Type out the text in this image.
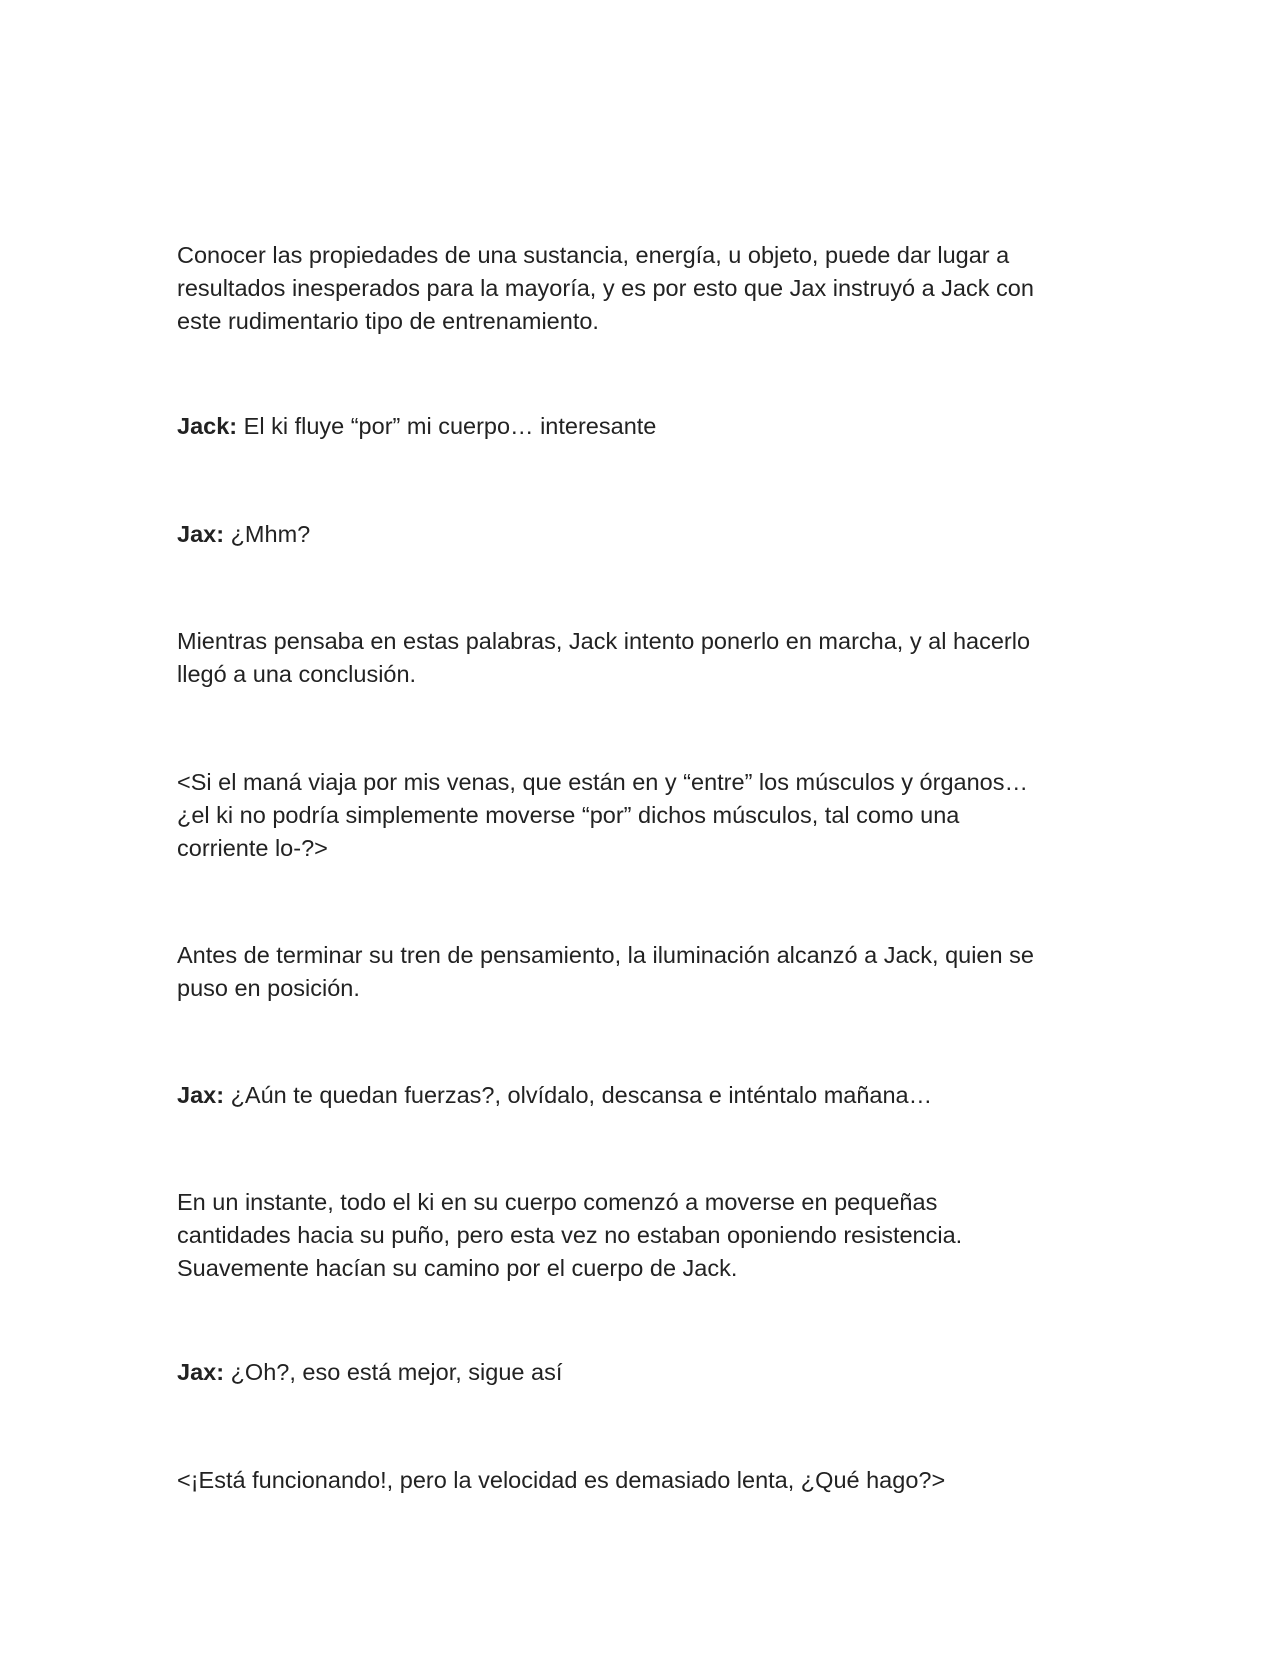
Conocer las propiedades de una sustancia, energía, u objeto, puede dar lugar a
resultados inesperados para la mayoría, y es por esto que Jax instruyó a Jack con
este rudimentario tipo de entrenamiento.

Jack: El ki fluye “por” mi cuerpo… interesante

Jax: ¿Mhm?

Mientras pensaba en estas palabras, Jack intento ponerlo en marcha, y al hacerlo
llegó a una conclusión.

<Si el maná viaja por mis venas, que están en y “entre” los músculos y órganos…
¿el ki no podría simplemente moverse “por” dichos músculos, tal como una
corriente lo-?>

Antes de terminar su tren de pensamiento, la iluminación alcanzó a Jack, quien se
puso en posición.

Jax: ¿Aún te quedan fuerzas?, olvídalo, descansa e inténtalo mañana…

En un instante, todo el ki en su cuerpo comenzó a moverse en pequeñas
cantidades hacia su puño, pero esta vez no estaban oponiendo resistencia.
Suavemente hacían su camino por el cuerpo de Jack.

Jax: ¿Oh?, eso está mejor, sigue así

<¡Está funcionando!, pero la velocidad es demasiado lenta, ¿Qué hago?>
